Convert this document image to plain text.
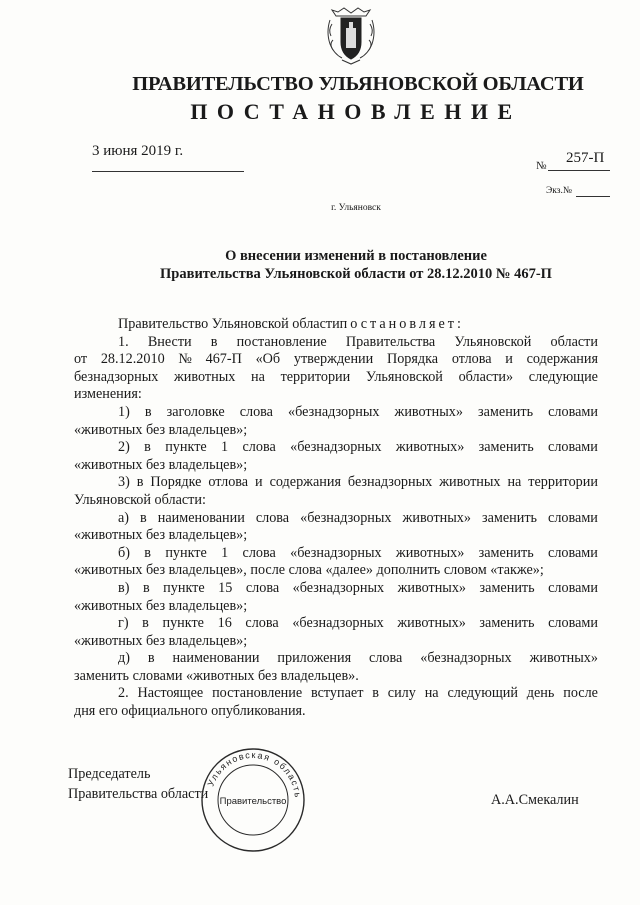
ПРАВИТЕЛЬСТВО УЛЬЯНОВСКОЙ ОБЛАСТИ
ПОСТАНОВЛЕНИЕ
3 июня 2019 г.
№ 257-П
Экз.№
г. Ульяновск
О внесении изменений в постановление
Правительства Ульяновской области от 28.12.2010 № 467-П
Правительство Ульяновской области постановляет:
1. Внести в постановление Правительства Ульяновской области
от 28.12.2010 № 467-П «Об утверждении Порядка отлова и содержания
безнадзорных животных на территории Ульяновской области» следующие
изменения:
1) в заголовке слова «безнадзорных животных» заменить словами
«животных без владельцев»;
2) в пункте 1 слова «безнадзорных животных» заменить словами
«животных без владельцев»;
3) в Порядке отлова и содержания безнадзорных животных на территории
Ульяновской области:
а) в наименовании слова «безнадзорных животных» заменить словами
«животных без владельцев»;
б) в пункте 1 слова «безнадзорных животных» заменить словами
«животных без владельцев», после слова «далее» дополнить словом «также»;
в) в пункте 15 слова «безнадзорных животных» заменить словами
«животных без владельцев»;
г) в пункте 16 слова «безнадзорных животных» заменить словами
«животных без владельцев»;
д) в наименовании приложения слова «безнадзорных животных»
заменить словами «животных без владельцев».
2. Настоящее постановление вступает в силу на следующий день после
дня его официального опубликования.
Председатель
Правительства области	А.А.Смекалин
Ульяновская область
Правительство
